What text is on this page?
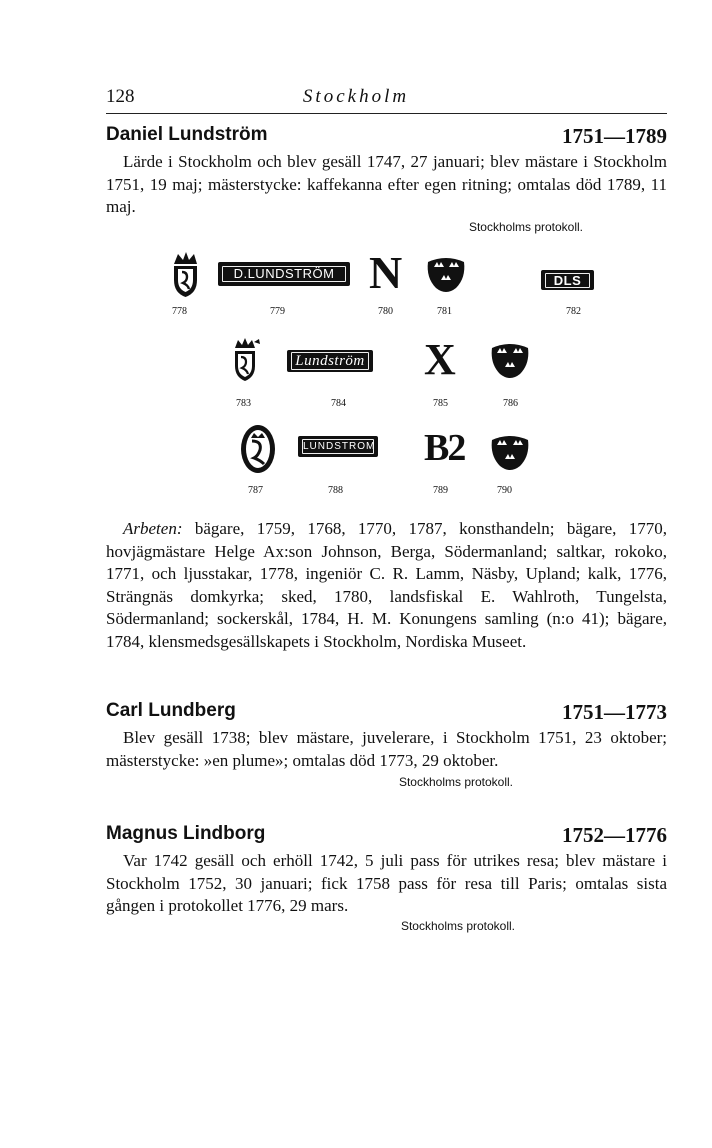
128	Stockholm
Daniel Lundström	1751—1789
Lärde i Stockholm och blev gesäll 1747, 27 januari; blev mästare i Stockholm 1751, 19 maj; mästerstycke: kaffekanna efter egen ritning; omtalas död 1789, 11 maj.
Stockholms protokoll.
778
D.LUNDSTRÖM
779
N
780	781
DLS
782
783
Lundström
784
X
785	786
787
LUNDSTROM
788
B2
789	790
Arbeten: bägare, 1759, 1768, 1770, 1787, konsthandeln; bägare, 1770, hovjägmästare Helge Ax:son Johnson, Berga, Södermanland; saltkar, rokoko, 1771, och ljusstakar, 1778, ingeniör C. R. Lamm, Näsby, Upland; kalk, 1776, Strängnäs domkyrka; sked, 1780, landsfiskal E. Wahlroth, Tungelsta, Södermanland; sockerskål, 1784, H. M. Konungens samling (n:o 41); bägare, 1784, klensmedsgesällskapets i Stockholm, Nordiska Museet.
Carl Lundberg	1751—1773
Blev gesäll 1738; blev mästare, juvelerare, i Stockholm 1751, 23 oktober; mästerstycke: »en plume»; omtalas död 1773, 29 oktober.
Stockholms protokoll.
Magnus Lindborg	1752—1776
Var 1742 gesäll och erhöll 1742, 5 juli pass för utrikes resa; blev mästare i Stockholm 1752, 30 januari; fick 1758 pass för resa till Paris; omtalas sista gången i protokollet 1776, 29 mars.
Stockholms protokoll.
